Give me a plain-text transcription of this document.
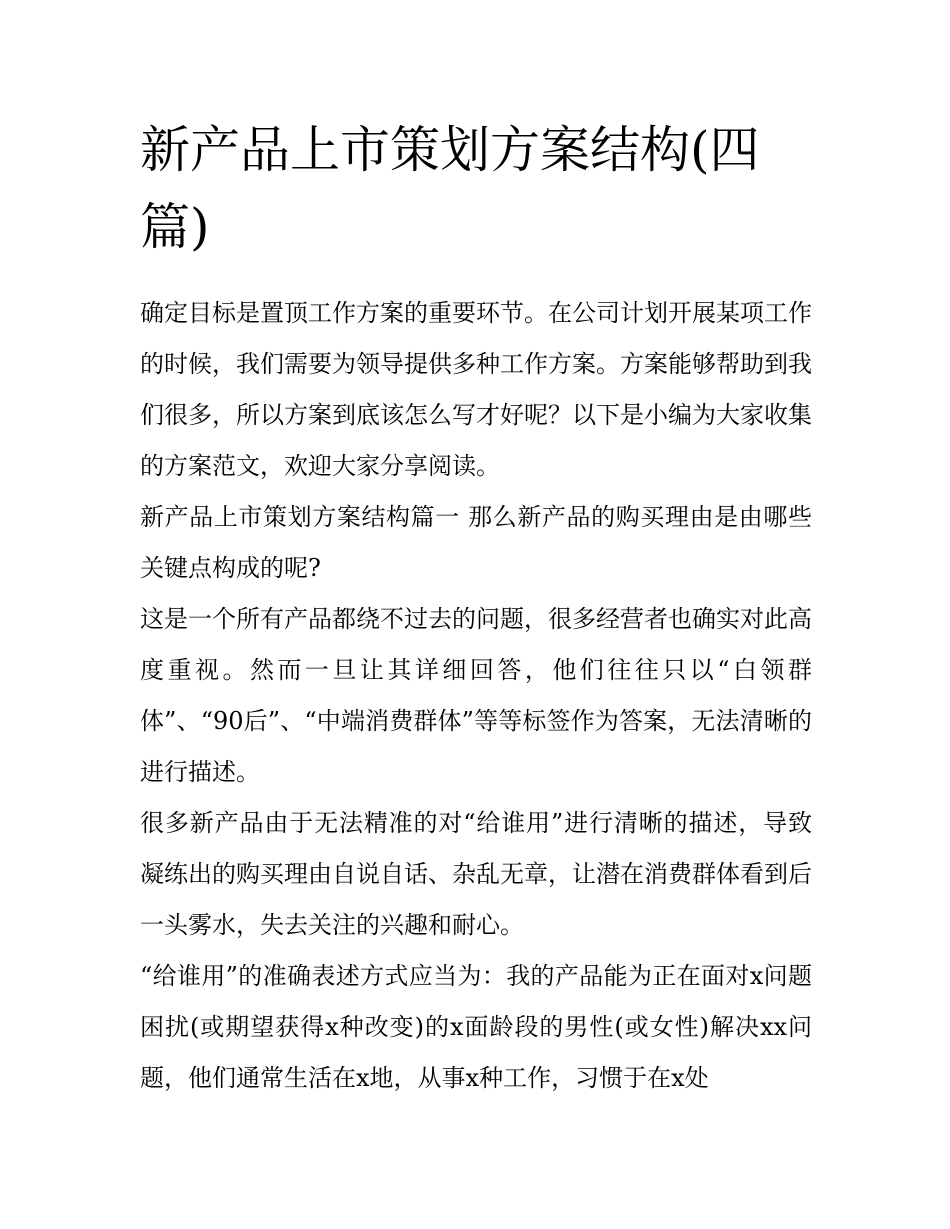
新产品上市策划方案结构(四篇)

确定目标是置顶工作方案的重要环节。在公司计划开展某项工作的时候，我们需要为领导提供多种工作方案。方案能够帮助到我们很多，所以方案到底该怎么写才好呢？以下是小编为大家收集的方案范文，欢迎大家分享阅读。

新产品上市策划方案结构篇一 那么新产品的购买理由是由哪些关键点构成的呢?

这是一个所有产品都绕不过去的问题，很多经营者也确实对此高度重视。然而一旦让其详细回答，他们往往只以“白领群体”、“90后”、“中端消费群体”等等标签作为答案，无法清晰的进行描述。

很多新产品由于无法精准的对“给谁用”进行清晰的描述，导致凝练出的购买理由自说自话、杂乱无章，让潜在消费群体看到后一头雾水，失去关注的兴趣和耐心。

“给谁用”的准确表述方式应当为：我的产品能为正在面对x问题困扰(或期望获得x种改变)的x面龄段的男性(或女性)解决xx问题，他们通常生活在x地，从事x种工作，习惯于在x处
